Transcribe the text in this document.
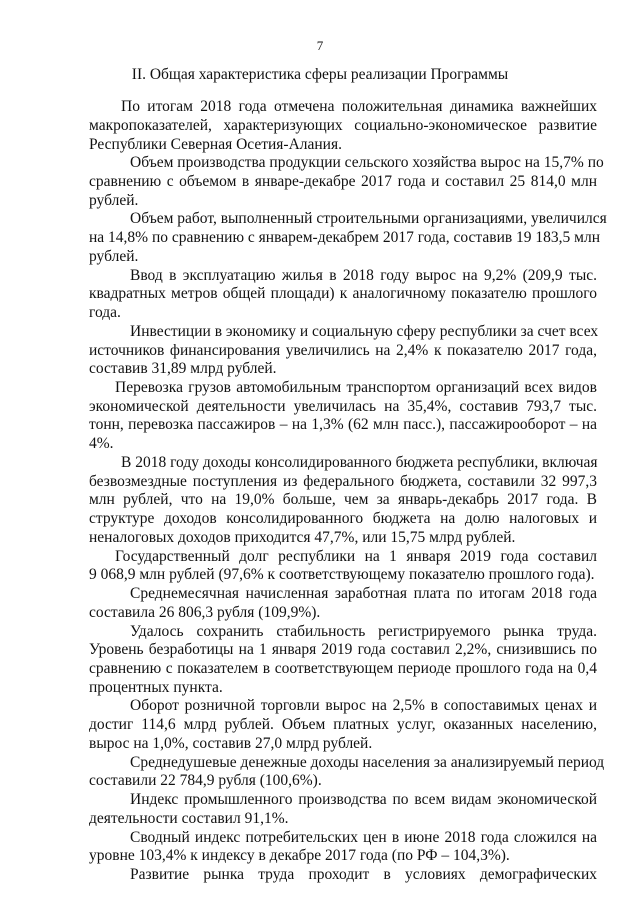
7
II. Общая характеристика сферы реализации Программы
По итогам 2018 года отмечена положительная динамика важнейших
макропоказателей, характеризующих социально-экономическое развитие
Республики Северная Осетия-Алания.
Объем производства продукции сельского хозяйства вырос на 15,7% по
сравнению с объемом в январе-декабре 2017 года и составил 25 814,0 млн
рублей.
Объем работ, выполненный строительными организациями, увеличился
на 14,8% по сравнению с январем-декабрем 2017 года, составив 19 183,5 млн
рублей.
Ввод в эксплуатацию жилья в 2018 году вырос на 9,2% (209,9 тыс.
квадратных метров общей площади) к аналогичному показателю прошлого
года.
Инвестиции в экономику и социальную сферу республики за счет всех
источников финансирования увеличились на 2,4% к показателю 2017 года,
составив 31,89 млрд рублей.
Перевозка грузов автомобильным транспортом организаций всех видов
экономической деятельности увеличилась на 35,4%, составив 793,7 тыс.
тонн, перевозка пассажиров – на 1,3% (62 млн пасс.), пассажирооборот – на
4%.
В 2018 году доходы консолидированного бюджета республики, включая
безвозмездные поступления из федерального бюджета, составили 32 997,3
млн рублей, что на 19,0% больше, чем за январь-декабрь 2017 года. В
структуре доходов консолидированного бюджета на долю налоговых и
неналоговых доходов приходится 47,7%, или 15,75 млрд рублей.
Государственный долг республики на 1 января 2019 года составил
9 068,9 млн рублей (97,6% к соответствующему показателю прошлого года).
Среднемесячная начисленная заработная плата по итогам 2018 года
составила 26 806,3 рубля (109,9%).
Удалось сохранить стабильность регистрируемого рынка труда.
Уровень безработицы на 1 января 2019 года составил 2,2%, снизившись по
сравнению с показателем в соответствующем периоде прошлого года на 0,4
процентных пункта.
Оборот розничной торговли вырос на 2,5% в сопоставимых ценах и
достиг 114,6 млрд рублей. Объем платных услуг, оказанных населению,
вырос на 1,0%, составив 27,0 млрд рублей.
Среднедушевые денежные доходы населения за анализируемый период
составили 22 784,9 рубля (100,6%).
Индекс промышленного производства по всем видам экономической
деятельности составил 91,1%.
Сводный индекс потребительских цен в июне 2018 года сложился на
уровне 103,4% к индексу в декабре 2017 года (по РФ – 104,3%).
Развитие рынка труда проходит в условиях демографических
